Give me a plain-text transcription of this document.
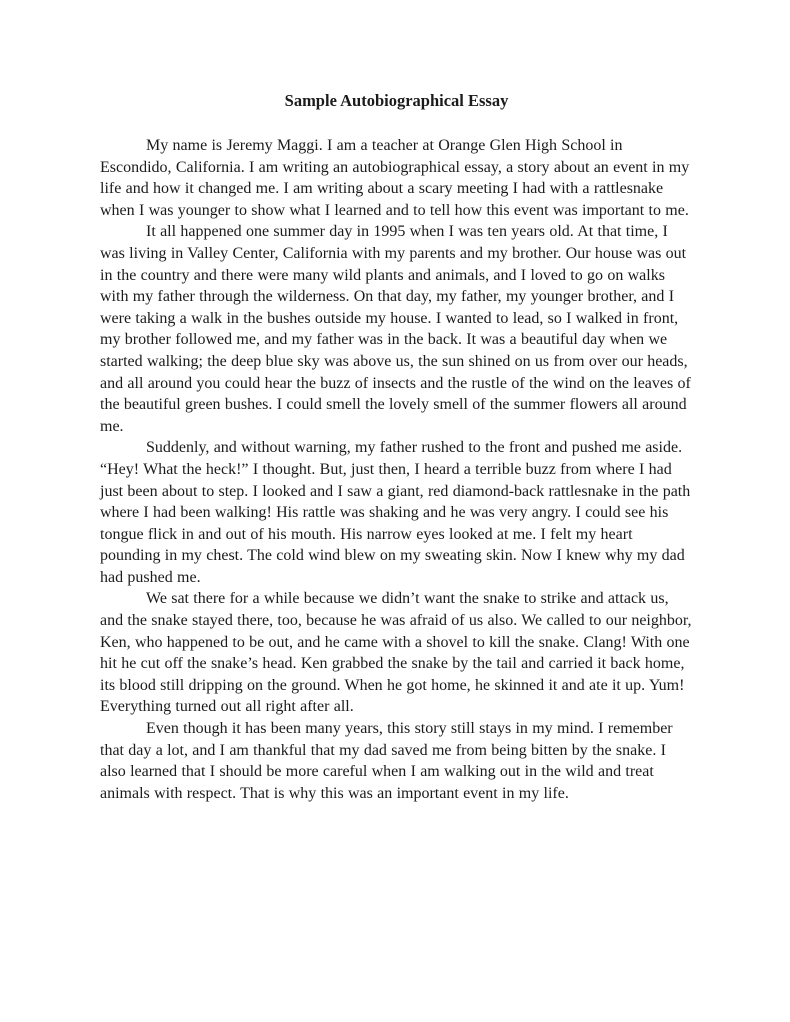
Sample Autobiographical Essay

My name is Jeremy Maggi. I am a teacher at Orange Glen High School in Escondido, California. I am writing an autobiographical essay, a story about an event in my life and how it changed me. I am writing about a scary meeting I had with a rattlesnake when I was younger to show what I learned and to tell how this event was important to me.

It all happened one summer day in 1995 when I was ten years old. At that time, I was living in Valley Center, California with my parents and my brother. Our house was out in the country and there were many wild plants and animals, and I loved to go on walks with my father through the wilderness. On that day, my father, my younger brother, and I were taking a walk in the bushes outside my house. I wanted to lead, so I walked in front, my brother followed me, and my father was in the back. It was a beautiful day when we started walking; the deep blue sky was above us, the sun shined on us from over our heads, and all around you could hear the buzz of insects and the rustle of the wind on the leaves of the beautiful green bushes. I could smell the lovely smell of the summer flowers all around me.

Suddenly, and without warning, my father rushed to the front and pushed me aside. “Hey! What the heck!” I thought. But, just then, I heard a terrible buzz from where I had just been about to step. I looked and I saw a giant, red diamond-back rattlesnake in the path where I had been walking! His rattle was shaking and he was very angry. I could see his tongue flick in and out of his mouth. His narrow eyes looked at me. I felt my heart pounding in my chest. The cold wind blew on my sweating skin. Now I knew why my dad had pushed me.

We sat there for a while because we didn’t want the snake to strike and attack us, and the snake stayed there, too, because he was afraid of us also. We called to our neighbor, Ken, who happened to be out, and he came with a shovel to kill the snake. Clang! With one hit he cut off the snake’s head. Ken grabbed the snake by the tail and carried it back home, its blood still dripping on the ground. When he got home, he skinned it and ate it up. Yum! Everything turned out all right after all.

Even though it has been many years, this story still stays in my mind. I remember that day a lot, and I am thankful that my dad saved me from being bitten by the snake. I also learned that I should be more careful when I am walking out in the wild and treat animals with respect. That is why this was an important event in my life.
